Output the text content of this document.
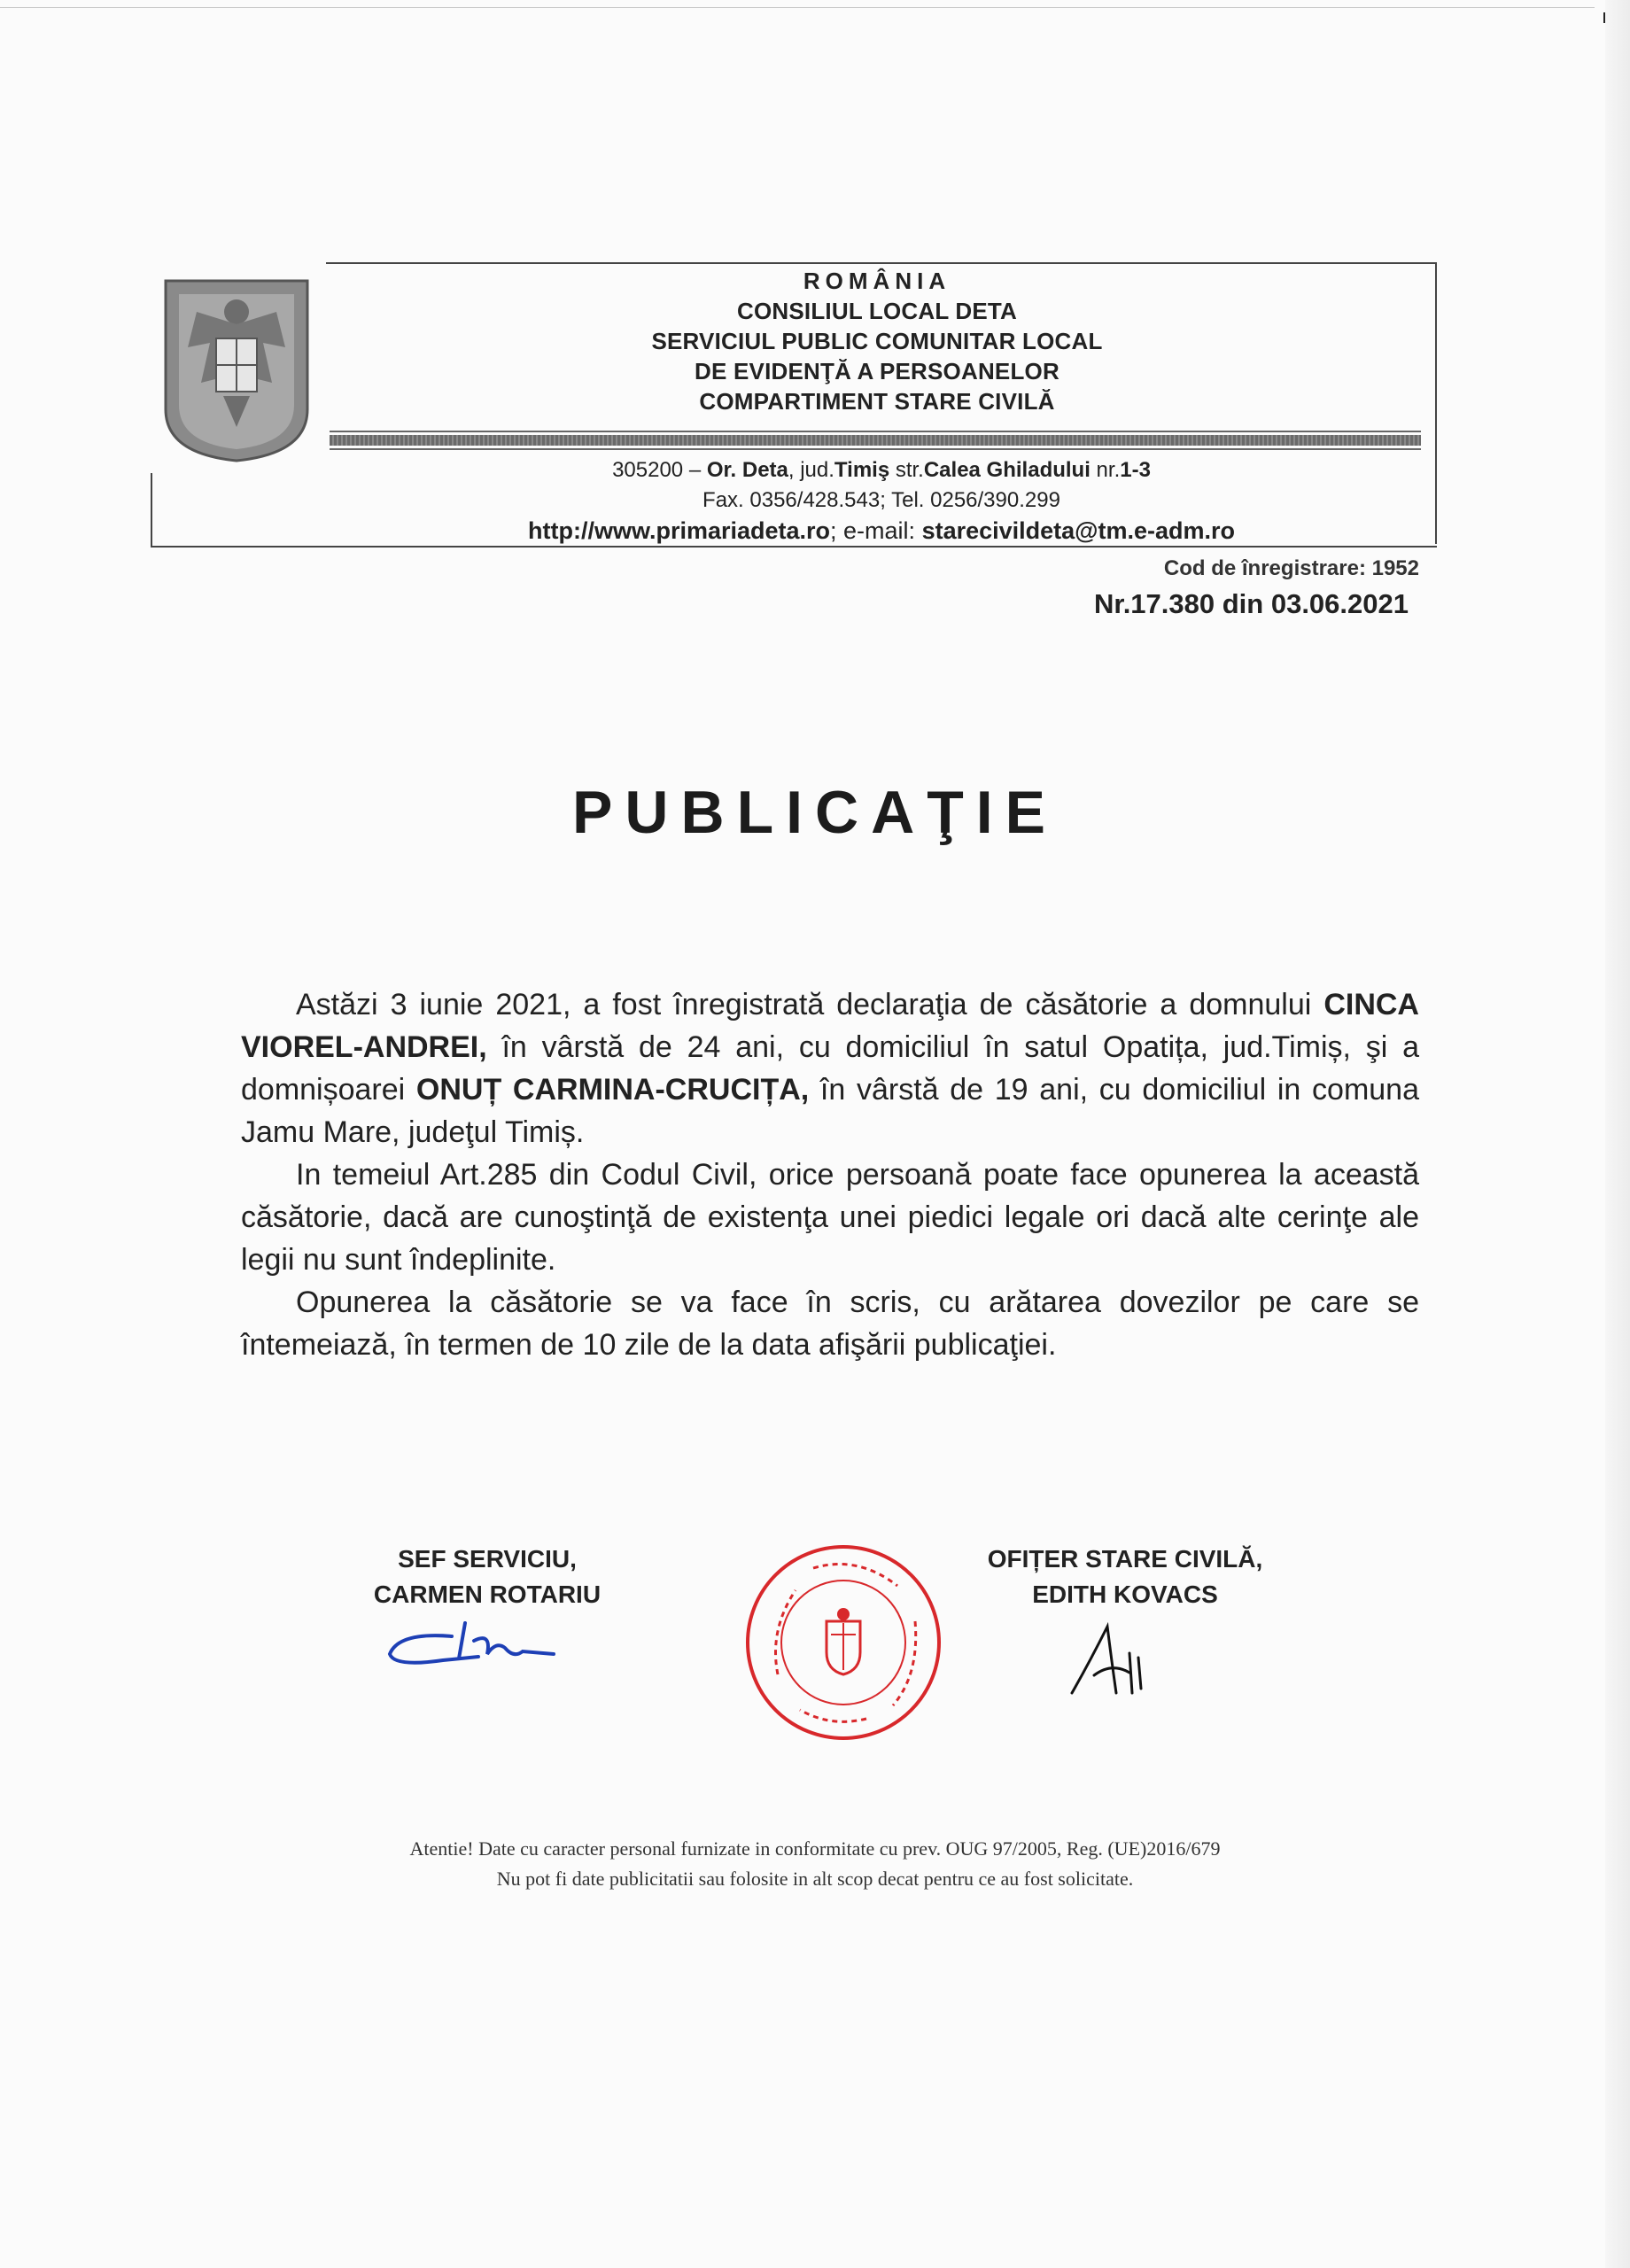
ROMÂNIA
CONSILIUL LOCAL DETA
SERVICIUL PUBLIC COMUNITAR LOCAL
DE EVIDENŢĂ A PERSOANELOR
COMPARTIMENT STARE CIVILĂ
305200 – Or. Deta, jud.Timiş str.Calea Ghiladului nr.1-3
Fax. 0356/428.543; Tel. 0256/390.299
http://www.primariadeta.ro; e-mail: starecivildeta@tm.e-adm.ro
Cod de înregistrare: 1952
Nr.17.380 din 03.06.2021
PUBLICAŢIE

Astăzi 3 iunie 2021, a fost înregistrată declaraţia de căsătorie a domnului CINCA VIOREL-ANDREI, în vârstă de 24 ani, cu domiciliul în satul Opatița, jud.Timiș, şi a domnișoarei ONUȚ CARMINA-CRUCIȚA, în vârstă de 19 ani, cu domiciliul in comuna Jamu Mare, judeţul Timiș.

In temeiul Art.285 din Codul Civil, orice persoană poate face opunerea la această căsătorie, dacă are cunoştinţă de existenţa unei piedici legale ori dacă alte cerinţe ale legii nu sunt îndeplinite.

Opunerea la căsătorie se va face în scris, cu arătarea dovezilor pe care se întemeiază, în termen de 10 zile de la data afişării publicaţiei.

SEF SERVICIU,
CARMEN ROTARIU
OFIȚER STARE CIVILĂ,
EDITH KOVACS
Atentie! Date cu caracter personal furnizate in conformitate cu prev. OUG 97/2005, Reg. (UE)2016/679
Nu pot fi date publicitatii sau folosite in alt scop decat pentru ce au fost solicitate.
